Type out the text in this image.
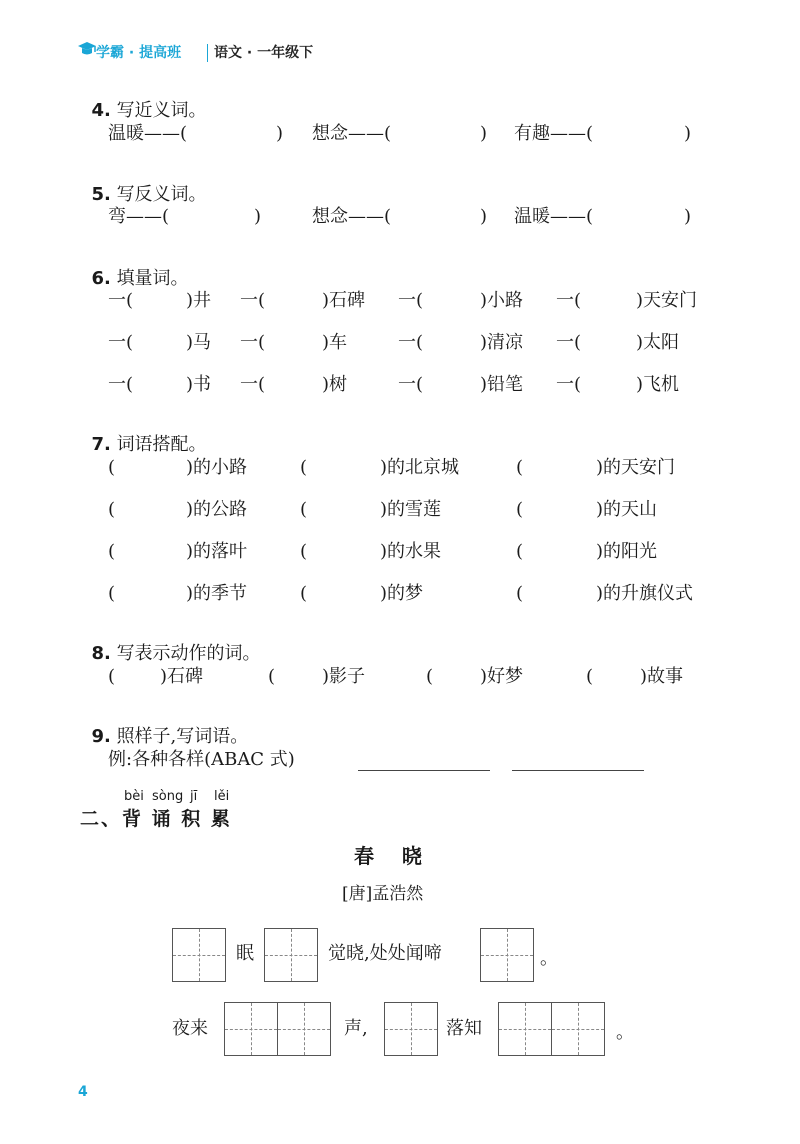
学霸 · 提高班 语文 · 一年级下

4. 写近义词。

温暖——(	) 想念——(	) 有趣——(	)

5. 写反义词。

弯——(	)	想念——(	) 温暖——(	)

6. 填量词。

一(	)井 一(	)石碑 一(	)小路 一(	)天安门
一(	)马 一(	)车	一(	)清凉 一(	)太阳
一(	)书 一(	)树	一(	)铅笔 一(	)飞机

7. 词语搭配。

(	)的小路	(	)的北京城	(	)的天安门
(	)的公路	(	)的雪莲	(	)的天山
(	)的落叶	(	)的水果	(	)的阳光
(	)的季节	(	)的梦	(	)的升旗仪式

8. 写表示动作的词。

( )石碑	(	)影子	(	)好梦	(	)故事

9. 照样子,写词语。

例:各种各样(ABAC 式)
bèi sòng jī lěi
二、背 诵 积 累
春    晓
[唐]孟浩然
眠	觉晓,处处闻啼	。
夜来	声,	落知	。
4
